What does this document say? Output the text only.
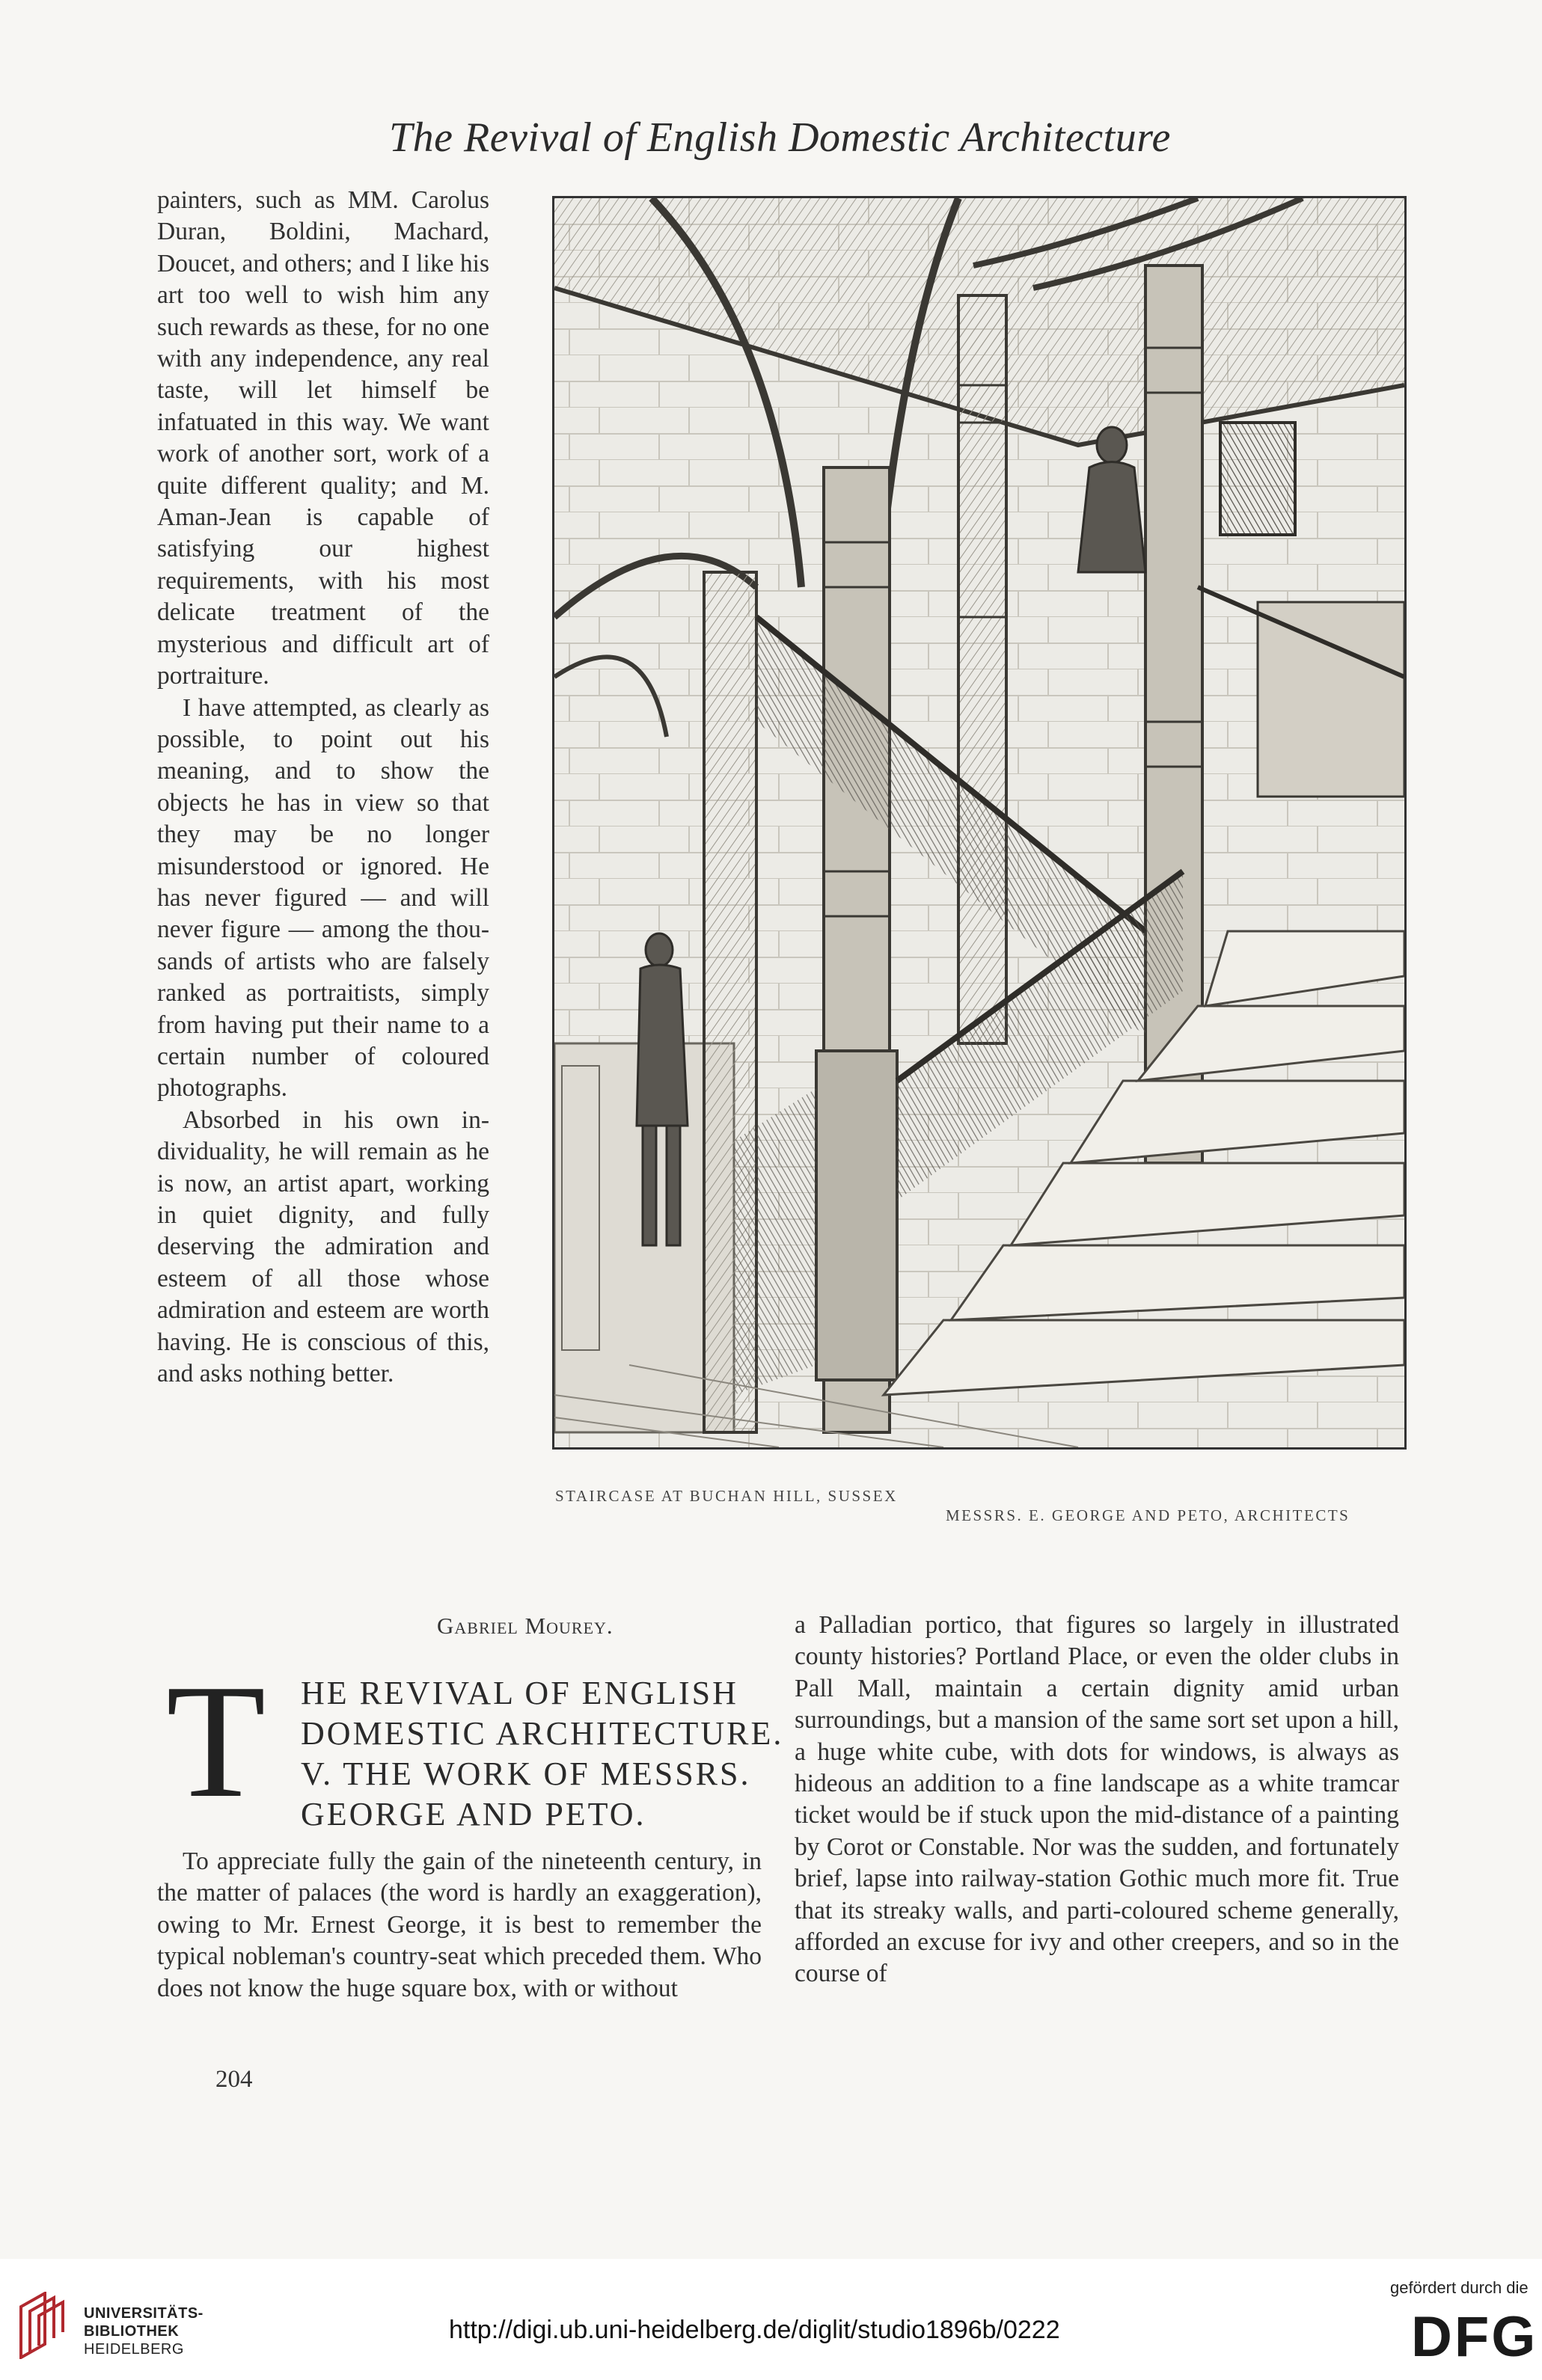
The Revival of English Domestic Architecture

painters, such as MM. Carolus Duran, Boldini, Machard, Doucet, and others; and I like his art too well to wish him any such rewards as these, for no one with any independence, any real taste, will let himself be infatuated in this way. We want work of another sort, work of a quite different quality; and M. Aman-Jean is capable of satisfying our highest requirements, with his most delicate treatment of the mysterious and difficult art of portraiture.

I have attempted, as clearly as possible, to point out his meaning, and to show the objects he has in view so that they may be no longer misunderstood or ignored. He has never figured — and will never figure — among the thousands of artists who are falsely ranked as portraitists, simply from having put their name to a certain number of coloured photographs.

Absorbed in his own individuality, he will remain as he is now, an artist apart, working in quiet dignity, and fully deserving the admiration and esteem of all those whose admiration and esteem are worth having. He is conscious of this, and asks nothing better.

Gabriel Mourey.
STAIRCASE AT BUCHAN HILL, SUSSEX
MESSRS. E. GEORGE AND PETO, ARCHITECTS
T HE REVIVAL OF ENGLISH
DOMESTIC ARCHITECTURE.
V. THE WORK OF MESSRS.
GEORGE AND PETO.

To appreciate fully the gain of the nineteenth century, in the matter of palaces (the word is hardly an exaggeration), owing to Mr. Ernest George, it is best to remember the typical nobleman's country-seat which preceded them. Who does not know the huge square box, with or without

a Palladian portico, that figures so largely in illustrated county histories? Portland Place, or even the older clubs in Pall Mall, maintain a certain dignity amid urban surroundings, but a mansion of the same sort set upon a hill, a huge white cube, with dots for windows, is always as hideous an addition to a fine landscape as a white tramcar ticket would be if stuck upon the mid-distance of a painting by Corot or Constable. Nor was the sudden, and fortunately brief, lapse into railway-station Gothic much more fit. True that its streaky walls, and parti-coloured scheme generally, afforded an excuse for ivy and other creepers, and so in the course of

204
UNIVERSITÄTS-
BIBLIOTHEK
HEIDELBERG
http://digi.ub.uni-heidelberg.de/diglit/studio1896b/0222
gefördert durch die
DFG
